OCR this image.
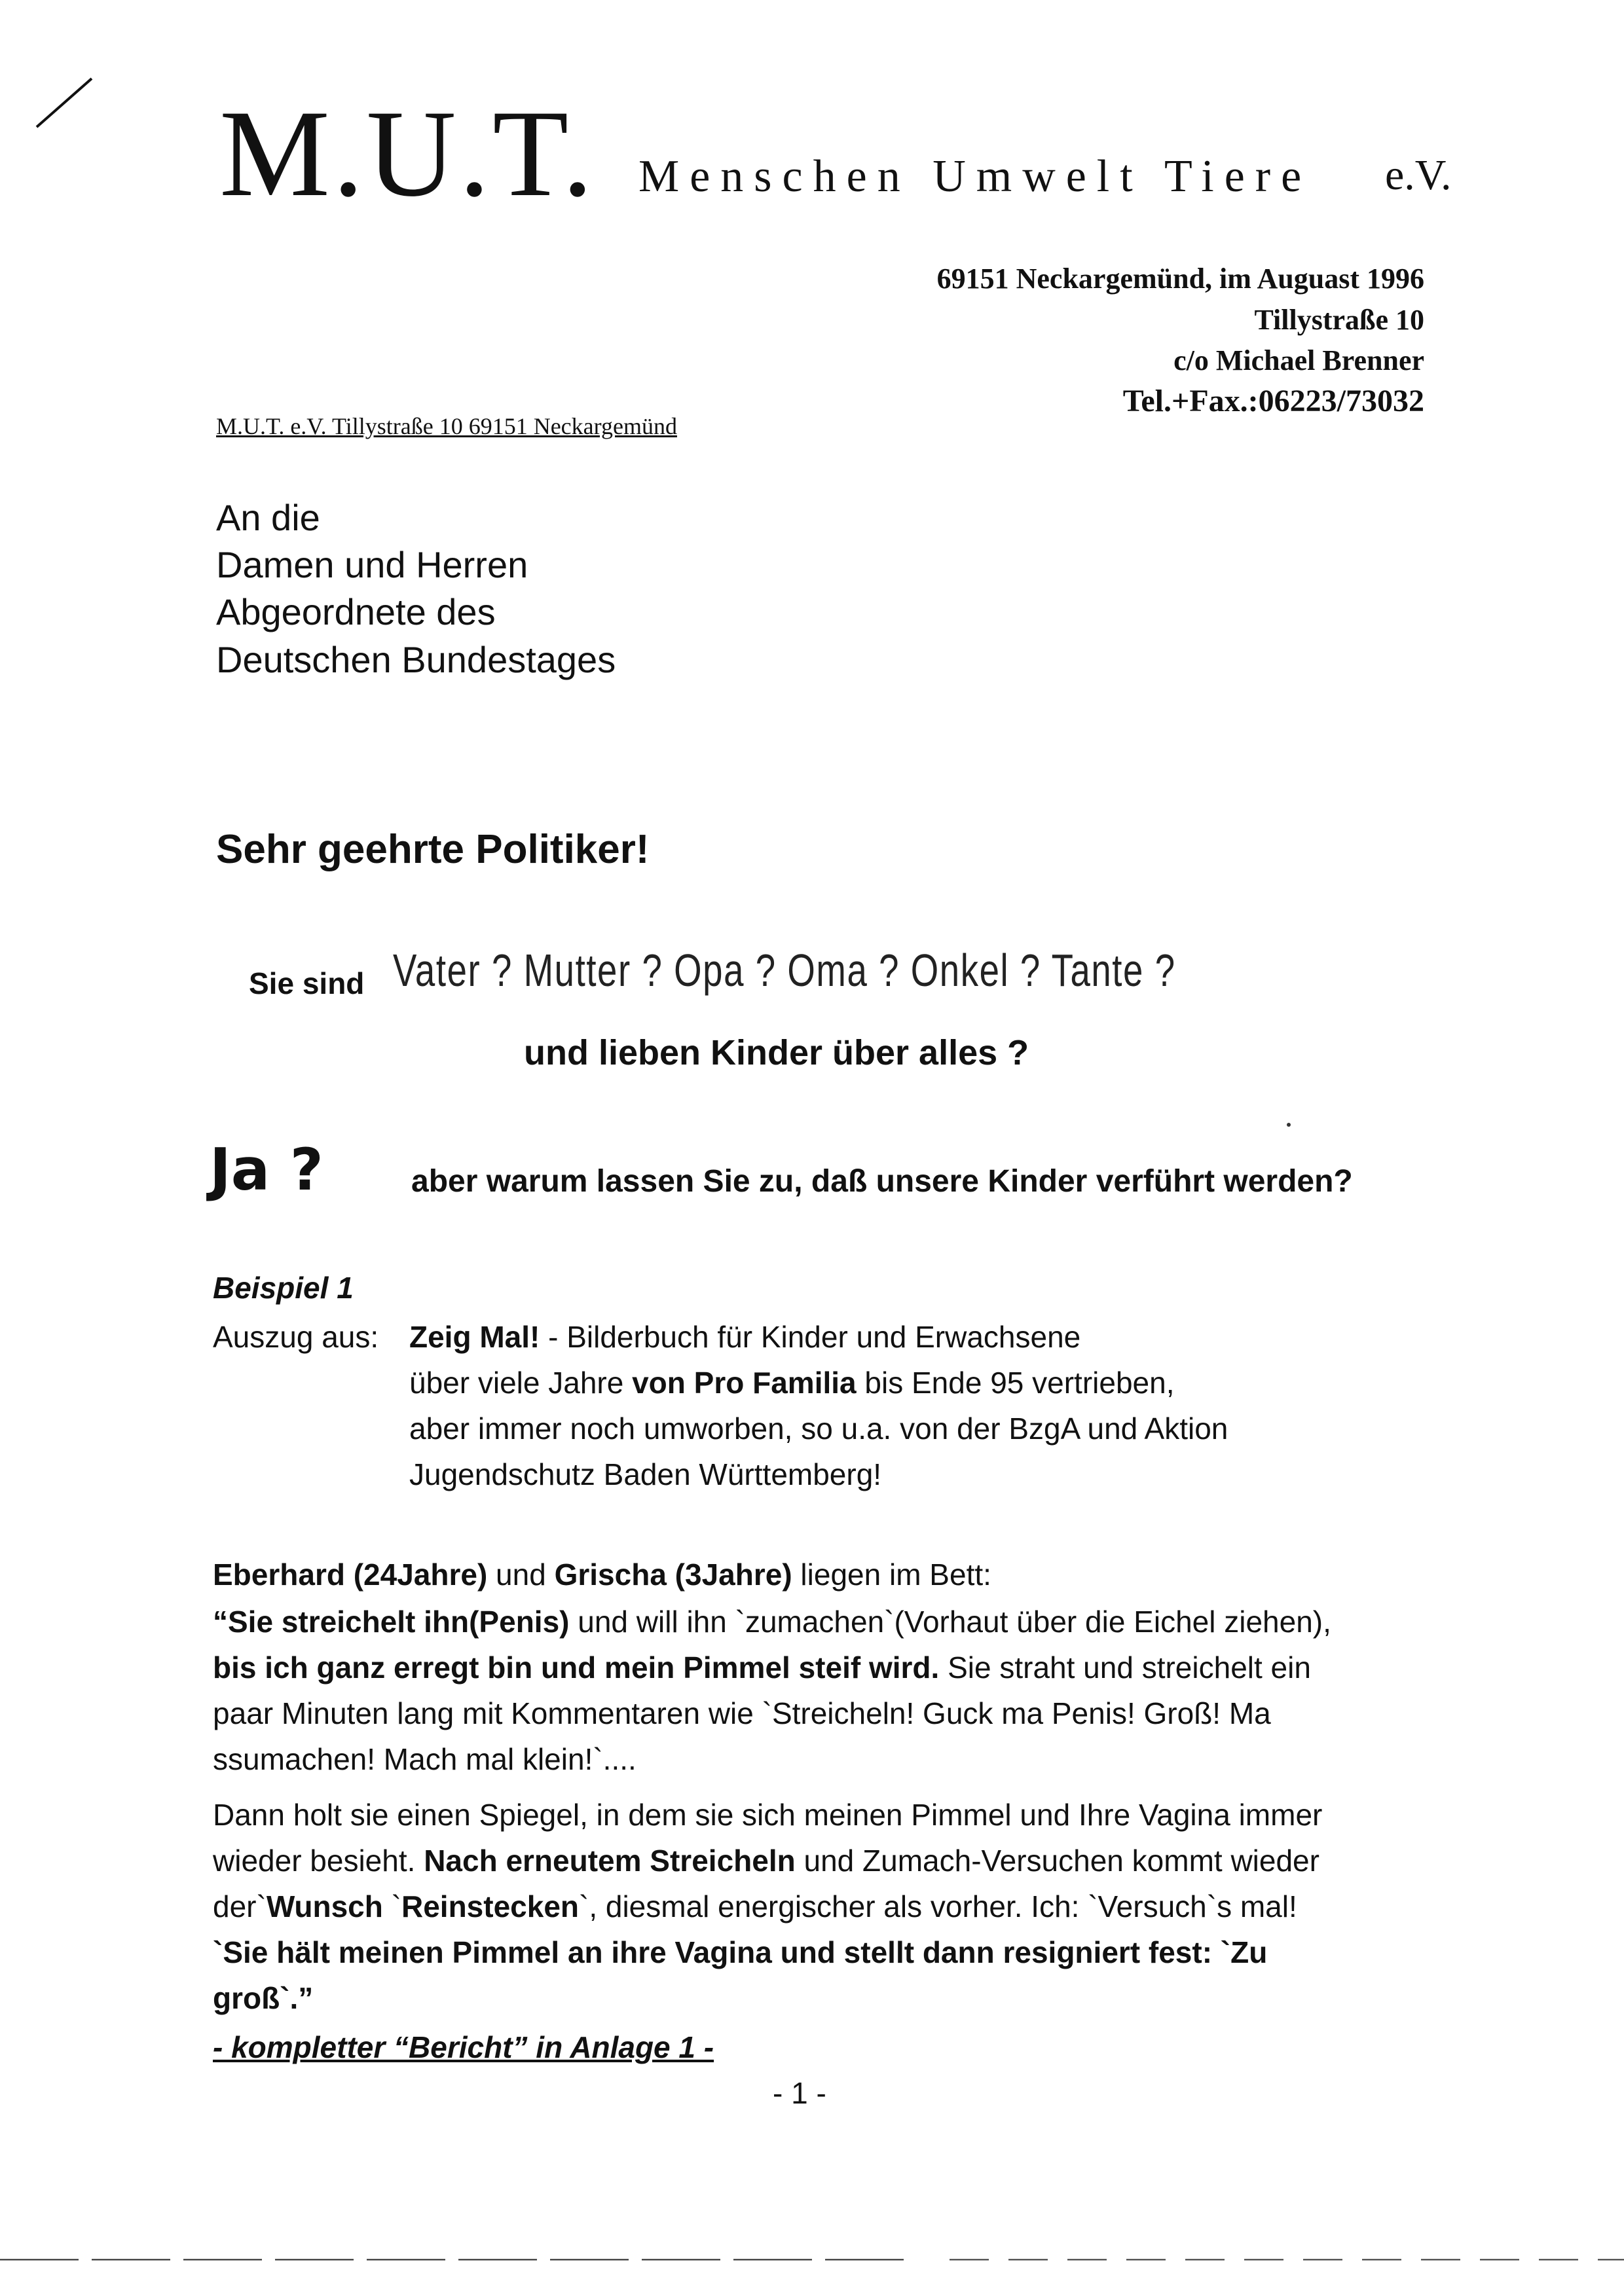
M.U.T. Menschen Umwelt Tiere e.V.
69151 Neckargemünd, im Auguast 1996
Tillystraße 10
c/o Michael Brenner
Tel.+Fax.:06223/73032
M.U.T. e.V. Tillystraße 10 69151 Neckargemünd
An die
Damen und Herren
Abgeordnete des
Deutschen Bundestages
Sehr geehrte Politiker!
Sie sind Vater ? Mutter ? Opa ? Oma ? Onkel ? Tante ?
und lieben Kinder über alles ?
Ja ?	aber warum lassen Sie zu, daß unsere Kinder verführt werden?
Beispiel 1
Auszug aus: Zeig Mal! - Bilderbuch für Kinder und Erwachsene
über viele Jahre von Pro Familia bis Ende 95 vertrieben,
aber immer noch umworben, so u.a. von der BzgA und Aktion
Jugendschutz Baden Württemberg!
Eberhard (24Jahre) und Grischa (3Jahre) liegen im Bett:
“Sie streichelt ihn(Penis) und will ihn `zumachen`(Vorhaut über die Eichel ziehen),
bis ich ganz erregt bin und mein Pimmel steif wird. Sie straht und streichelt ein
paar Minuten lang mit Kommentaren wie `Streicheln! Guck ma Penis! Groß! Ma
ssumachen! Mach mal klein!`....
Dann holt sie einen Spiegel, in dem sie sich meinen Pimmel und Ihre Vagina immer
wieder besieht. Nach erneutem Streicheln und Zumach-Versuchen kommt wieder
der`Wunsch `Reinstecken`, diesmal energischer als vorher. Ich: `Versuch`s mal!
`Sie hält meinen Pimmel an ihre Vagina und stellt dann resigniert fest: `Zu
groß`.”
- kompletter “Bericht” in Anlage 1 -
- 1 -
